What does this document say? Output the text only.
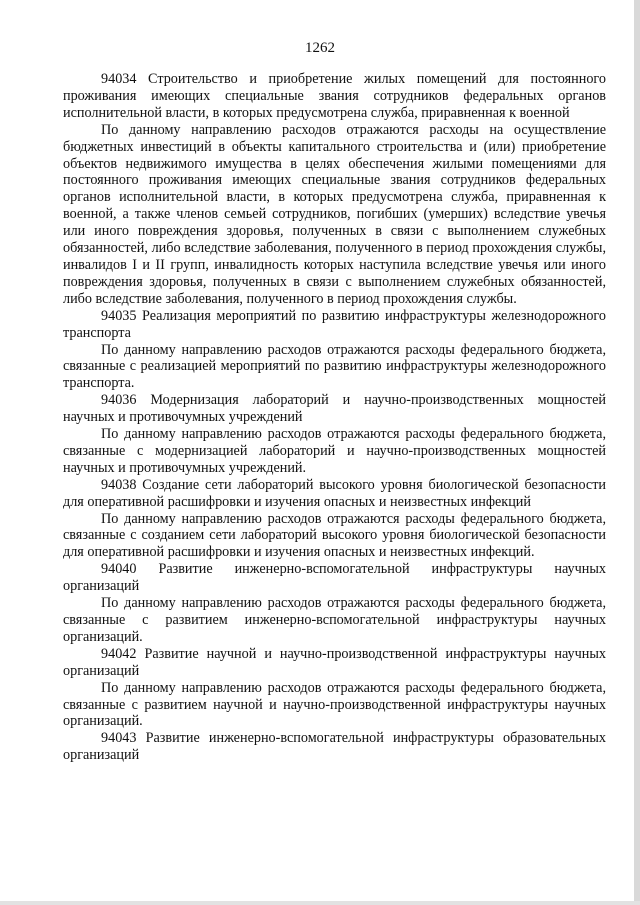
1262

94034 Строительство и приобретение жилых помещений для постоянного проживания имеющих специальные звания сотрудников федеральных органов исполнительной власти, в которых предусмотрена служба, приравненная к военной

По данному направлению расходов отражаются расходы на осуществление бюджетных инвестиций в объекты капитального строительства и (или) приобретение объектов недвижимого имущества в целях обеспечения жилыми помещениями для постоянного проживания имеющих специальные звания сотрудников федеральных органов исполнительной власти, в которых предусмотрена служба, приравненная к военной, а также членов семьей сотрудников, погибших (умерших) вследствие увечья или иного повреждения здоровья, полученных в связи с выполнением служебных обязанностей, либо вследствие заболевания, полученного в период прохождения службы, инвалидов I и II групп, инвалидность которых наступила вследствие увечья или иного повреждения здоровья, полученных в связи с выполнением служебных обязанностей, либо вследствие заболевания, полученного в период прохождения службы.

94035 Реализация мероприятий по развитию инфраструктуры железнодорожного транспорта

По данному направлению расходов отражаются расходы федерального бюджета, связанные с реализацией мероприятий по развитию инфраструктуры железнодорожного транспорта.

94036 Модернизация лабораторий и научно-производственных мощностей научных и противочумных учреждений

По данному направлению расходов отражаются расходы федерального бюджета, связанные с модернизацией лабораторий и научно-производственных мощностей научных и противочумных учреждений.

94038 Создание сети лабораторий высокого уровня биологической безопасности для оперативной расшифровки и изучения опасных и неизвестных инфекций

По данному направлению расходов отражаются расходы федерального бюджета, связанные с созданием сети лабораторий высокого уровня биологической безопасности для оперативной расшифровки и изучения опасных и неизвестных инфекций.

94040 Развитие инженерно-вспомогательной инфраструктуры научных организаций

По данному направлению расходов отражаются расходы федерального бюджета, связанные с развитием инженерно-вспомогательной инфраструктуры научных организаций.

94042 Развитие научной и научно-производственной инфраструктуры научных организаций

По данному направлению расходов отражаются расходы федерального бюджета, связанные с развитием научной и научно-производственной инфраструктуры научных организаций.

94043 Развитие инженерно-вспомогательной инфраструктуры образовательных организаций
